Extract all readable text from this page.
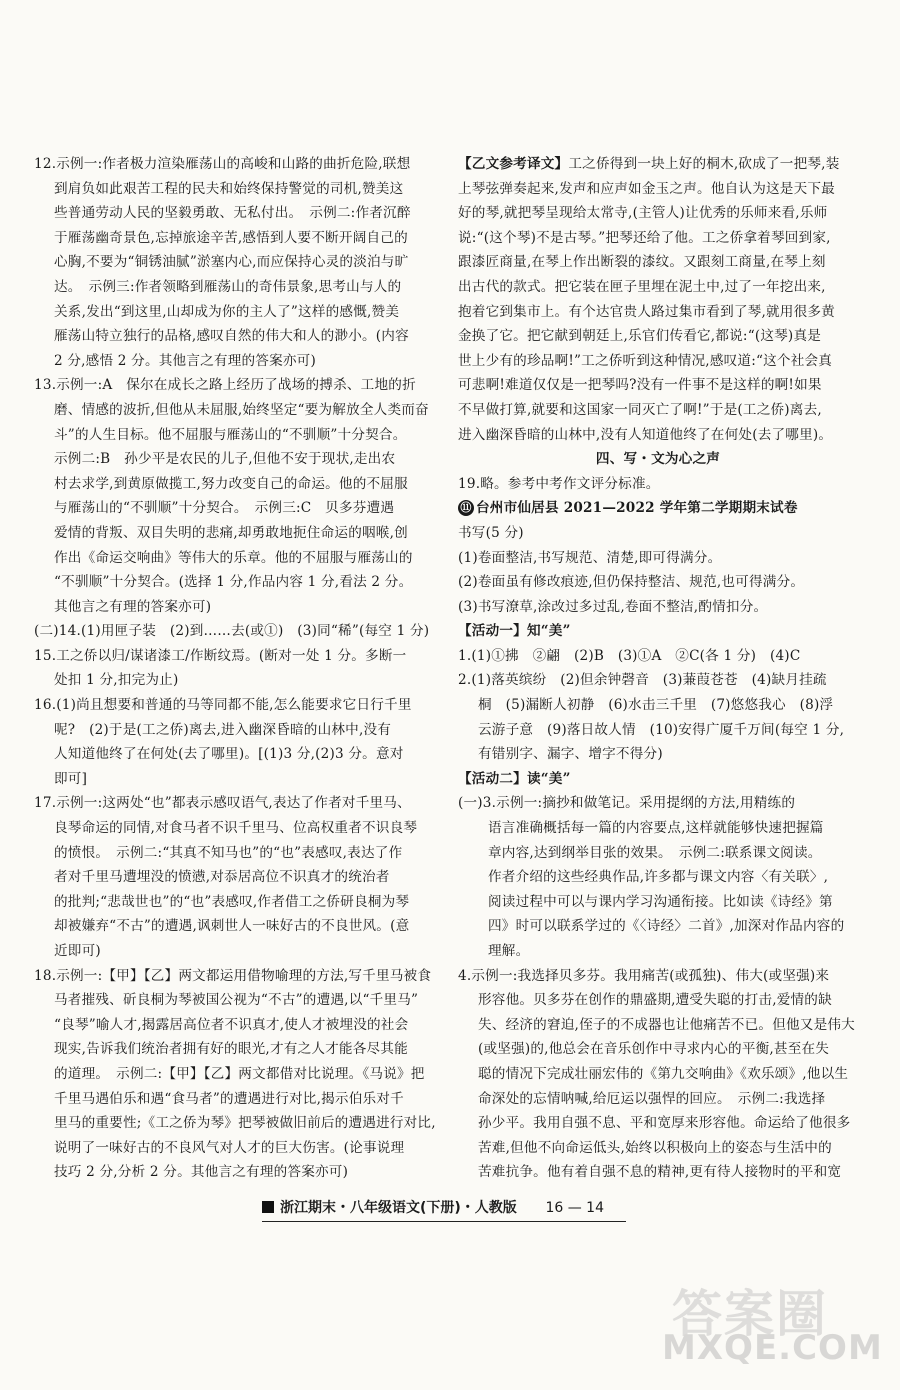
12.示例一:作者极力渲染雁荡山的高峻和山路的曲折危险,联想

到肩负如此艰苦工程的民夫和始终保持警觉的司机,赞美这

些普通劳动人民的坚毅勇敢、无私付出。　示例二:作者沉醉

于雁荡幽奇景色,忘掉旅途辛苦,感悟到人要不断开阔自己的

心胸,不要为“铜锈油腻”淤塞内心,而应保持心灵的淡泊与旷

达。　示例三:作者领略到雁荡山的奇伟景象,思考山与人的

关系,发出“到这里,山却成为你的主人了”这样的感慨,赞美

雁荡山特立独行的品格,感叹自然的伟大和人的渺小。(内容

2 分,感悟 2 分。其他言之有理的答案亦可)

13.示例一:A　保尔在成长之路上经历了战场的搏杀、工地的折

磨、情感的波折,但他从未屈服,始终坚定“要为解放全人类而奋

斗”的人生目标。他不屈服与雁荡山的“不驯顺”十分契合。

示例二:B　孙少平是农民的儿子,但他不安于现状,走出农

村去求学,到黄原做揽工,努力改变自己的命运。他的不屈服

与雁荡山的“不驯顺”十分契合。　示例三:C　贝多芬遭遇

爱情的背叛、双目失明的悲痛,却勇敢地扼住命运的咽喉,创

作出《命运交响曲》等伟大的乐章。他的不屈服与雁荡山的

“不驯顺”十分契合。(选择 1 分,作品内容 1 分,看法 2 分。

其他言之有理的答案亦可)

(二)14.(1)用匣子装　(2)到……去(或①)　(3)同“稀”(每空 1 分)

15.工之侨以归/谋诸漆工/作断纹焉。(断对一处 1 分。多断一

处扣 1 分,扣完为止)

16.(1)尚且想要和普通的马等同都不能,怎么能要求它日行千里

呢?　(2)于是(工之侨)离去,进入幽深昏暗的山林中,没有

人知道他终了在何处(去了哪里)。[(1)3 分,(2)3 分。意对

即可]

17.示例一:这两处“也”都表示感叹语气,表达了作者对千里马、

良琴命运的同情,对食马者不识千里马、位高权重者不识良琴

的愤恨。　示例二:“其真不知马也”的“也”表感叹,表达了作

者对千里马遭埋没的愤懑,对忝居高位不识真才的统治者

的批判;“悲哉世也”的“也”表感叹,作者借工之侨研良桐为琴

却被嫌弃“不古”的遭遇,讽刺世人一味好古的不良世风。(意

近即可)

18.示例一:【甲】【乙】两文都运用借物喻理的方法,写千里马被食

马者摧残、斫良桐为琴被国公视为“不古”的遭遇,以“千里马”

“良琴”喻人才,揭露居高位者不识真才,使人才被埋没的社会

现实,告诉我们统治者拥有好的眼光,才有之人才能各尽其能

的道理。　示例二:【甲】【乙】两文都借对比说理。《马说》把

千里马遇伯乐和遇“食马者”的遭遇进行对比,揭示伯乐对千

里马的重要性;《工之侨为琴》把琴被做旧前后的遭遇进行对比,

说明了一味好古的不良风气对人才的巨大伤害。(论事说理

技巧 2 分,分析 2 分。其他言之有理的答案亦可)

【乙文参考译文】工之侨得到一块上好的桐木,砍成了一把琴,装

上琴弦弹奏起来,发声和应声如金玉之声。他自认为这是天下最

好的琴,就把琴呈现给太常寺,(主管人)让优秀的乐师来看,乐师

说:“(这个琴)不是古琴。”把琴还给了他。工之侨拿着琴回到家,

跟漆匠商量,在琴上作出断裂的漆纹。又跟刻工商量,在琴上刻

出古代的款式。把它装在匣子里埋在泥土中,过了一年挖出来,

抱着它到集市上。有个达官贵人路过集市看到了琴,就用很多黄

金换了它。把它献到朝廷上,乐官们传看它,都说:“(这琴)真是

世上少有的珍品啊!”工之侨听到这种情况,感叹道:“这个社会真

可悲啊!难道仅仅是一把琴吗?没有一件事不是这样的啊!如果

不早做打算,就要和这国家一同灭亡了啊!”于是(工之侨)离去,

进入幽深昏暗的山林中,没有人知道他终了在何处(去了哪里)。

四、写・文为心之声

19.略。参考中考作文评分标准。

⑪ 台州市仙居县 2021—2022 学年第二学期期末试卷

书写(5 分)

(1)卷面整洁,书写规范、清楚,即可得满分。

(2)卷面虽有修改痕迹,但仍保持整洁、规范,也可得满分。

(3)书写潦草,涂改过多过乱,卷面不整洁,酌情扣分。

【活动一】知“美”

1.(1)①拂　②翩　(2)B　(3)①A　②C(各 1 分)　(4)C

2.(1)落英缤纷　(2)但余钟磬音　(3)蒹葭苍苍　(4)缺月挂疏

桐　(5)漏断人初静　(6)水击三千里　(7)悠悠我心　(8)浮

云游子意　(9)落日故人情　(10)安得广厦千万间(每空 1 分,

有错别字、漏字、增字不得分)

【活动二】读“美”

(一)3.示例一:摘抄和做笔记。采用提纲的方法,用精练的

语言准确概括每一篇的内容要点,这样就能够快速把握篇

章内容,达到纲举目张的效果。　示例二:联系课文阅读。

作者介绍的这些经典作品,许多都与课文内容〈有关联〉,

阅读过程中可以与课内学习沟通衔接。比如读《诗经》第

四》时可以联系学过的《〈诗经〉二首》,加深对作品内容的

理解。

4.示例一:我选择贝多芬。我用痛苦(或孤独)、伟大(或坚强)来

形容他。贝多芬在创作的鼎盛期,遭受失聪的打击,爱情的缺

失、经济的窘迫,侄子的不成器也让他痛苦不已。但他又是伟大

(或坚强)的,他总会在音乐创作中寻求内心的平衡,甚至在失

聪的情况下完成壮丽宏伟的《第九交响曲》《欢乐颂》,他以生

命深处的忘情呐喊,给厄运以强悍的回应。　示例二:我选择

孙少平。我用自强不息、平和宽厚来形容他。命运给了他很多

苦难,但他不向命运低头,始终以积极向上的姿态与生活中的

苦难抗争。他有着自强不息的精神,更有待人接物时的平和宽

浙江期末・八年级语文(下册)・人教版 16 — 14
答案圈
MXQE.COM
